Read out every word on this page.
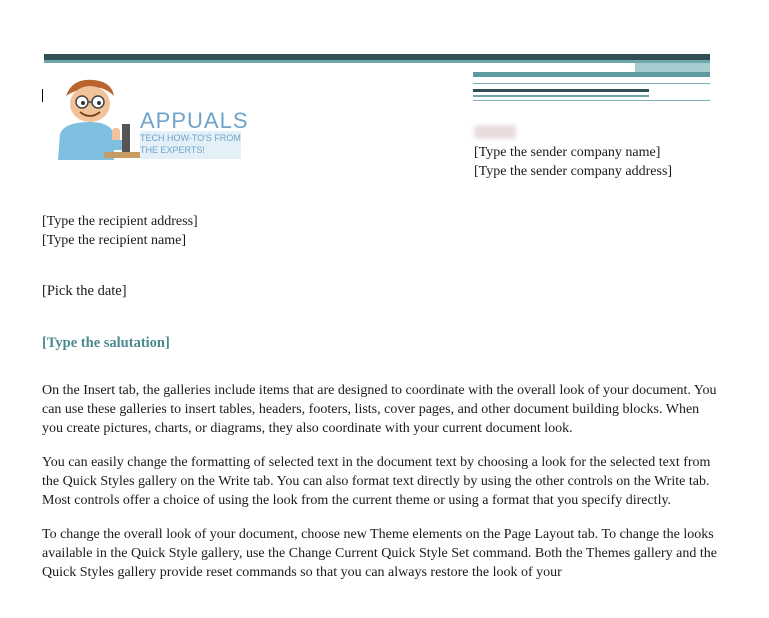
APPUALS
TECH HOW-TO'S FROM
THE EXPERTS!	[Type the sender company name]
[Type the sender company address]
[Type the recipient address]
[Type the recipient name]
[Pick the date]
[Type the salutation]

On the Insert tab, the galleries include items that are designed to coordinate with the overall look of your document. You can use these galleries to insert tables, headers, footers, lists, cover pages, and other document building blocks. When you create pictures, charts, or diagrams, they also coordinate with your current document look.

You can easily change the formatting of selected text in the document text by choosing a look for the selected text from the Quick Styles gallery on the Write tab. You can also format text directly by using the other controls on the Write tab. Most controls offer a choice of using the look from the current theme or using a format that you specify directly.

To change the overall look of your document, choose new Theme elements on the Page Layout tab. To change the looks available in the Quick Style gallery, use the Change Current Quick Style Set command. Both the Themes gallery and the Quick Styles gallery provide reset commands so that you can always restore the look of your
